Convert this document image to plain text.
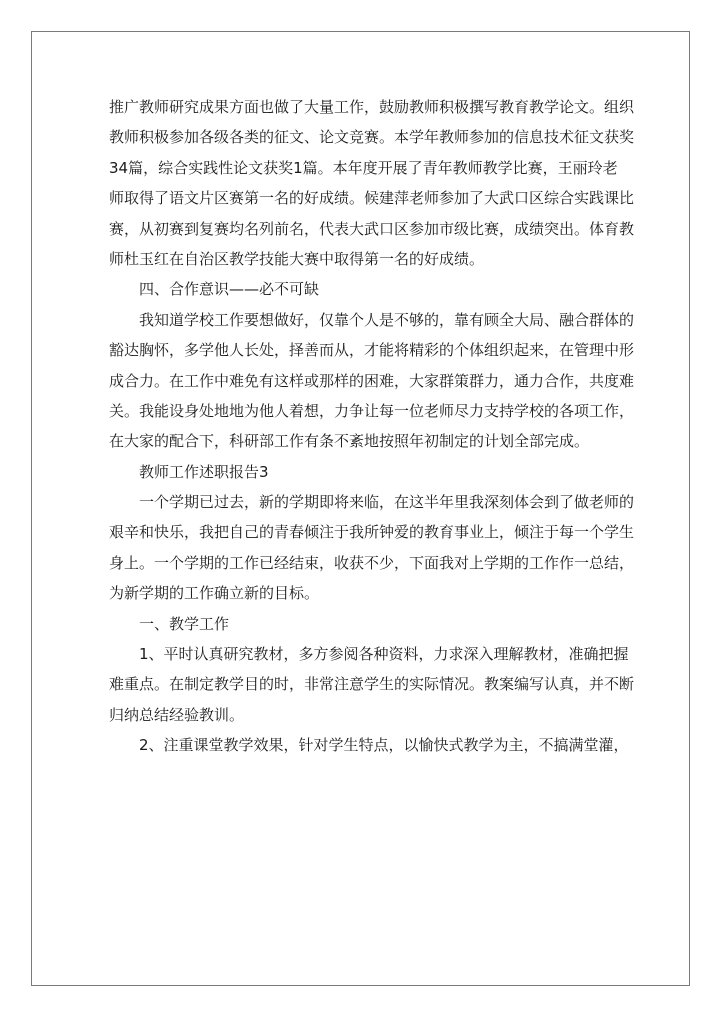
推广教师研究成果方面也做了大量工作，鼓励教师积极撰写教育教学论文。组织
教师积极参加各级各类的征文、论文竞赛。本学年教师参加的信息技术征文获奖
34篇，综合实践性论文获奖1篇。本年度开展了青年教师教学比赛，王丽玲老
师取得了语文片区赛第一名的好成绩。候建萍老师参加了大武口区综合实践课比
赛，从初赛到复赛均名列前名，代表大武口区参加市级比赛，成绩突出。体育教
师杜玉红在自治区教学技能大赛中取得第一名的好成绩。
四、合作意识——必不可缺
我知道学校工作要想做好，仅靠个人是不够的，靠有顾全大局、融合群体的
豁达胸怀，多学他人长处，择善而从，才能将精彩的个体组织起来，在管理中形
成合力。在工作中难免有这样或那样的困难，大家群策群力，通力合作，共度难
关。我能设身处地地为他人着想，力争让每一位老师尽力支持学校的各项工作，
在大家的配合下，科研部工作有条不紊地按照年初制定的计划全部完成。
教师工作述职报告3
一个学期已过去，新的学期即将来临，在这半年里我深刻体会到了做老师的
艰辛和快乐，我把自己的青春倾注于我所钟爱的教育事业上，倾注于每一个学生
身上。一个学期的工作已经结束，收获不少，下面我对上学期的工作作一总结，
为新学期的工作确立新的目标。
一、教学工作
1、平时认真研究教材，多方参阅各种资料，力求深入理解教材，准确把握
难重点。在制定教学目的时，非常注意学生的实际情况。教案编写认真，并不断
归纳总结经验教训。
2、注重课堂教学效果，针对学生特点，以愉快式教学为主，不搞满堂灌，
